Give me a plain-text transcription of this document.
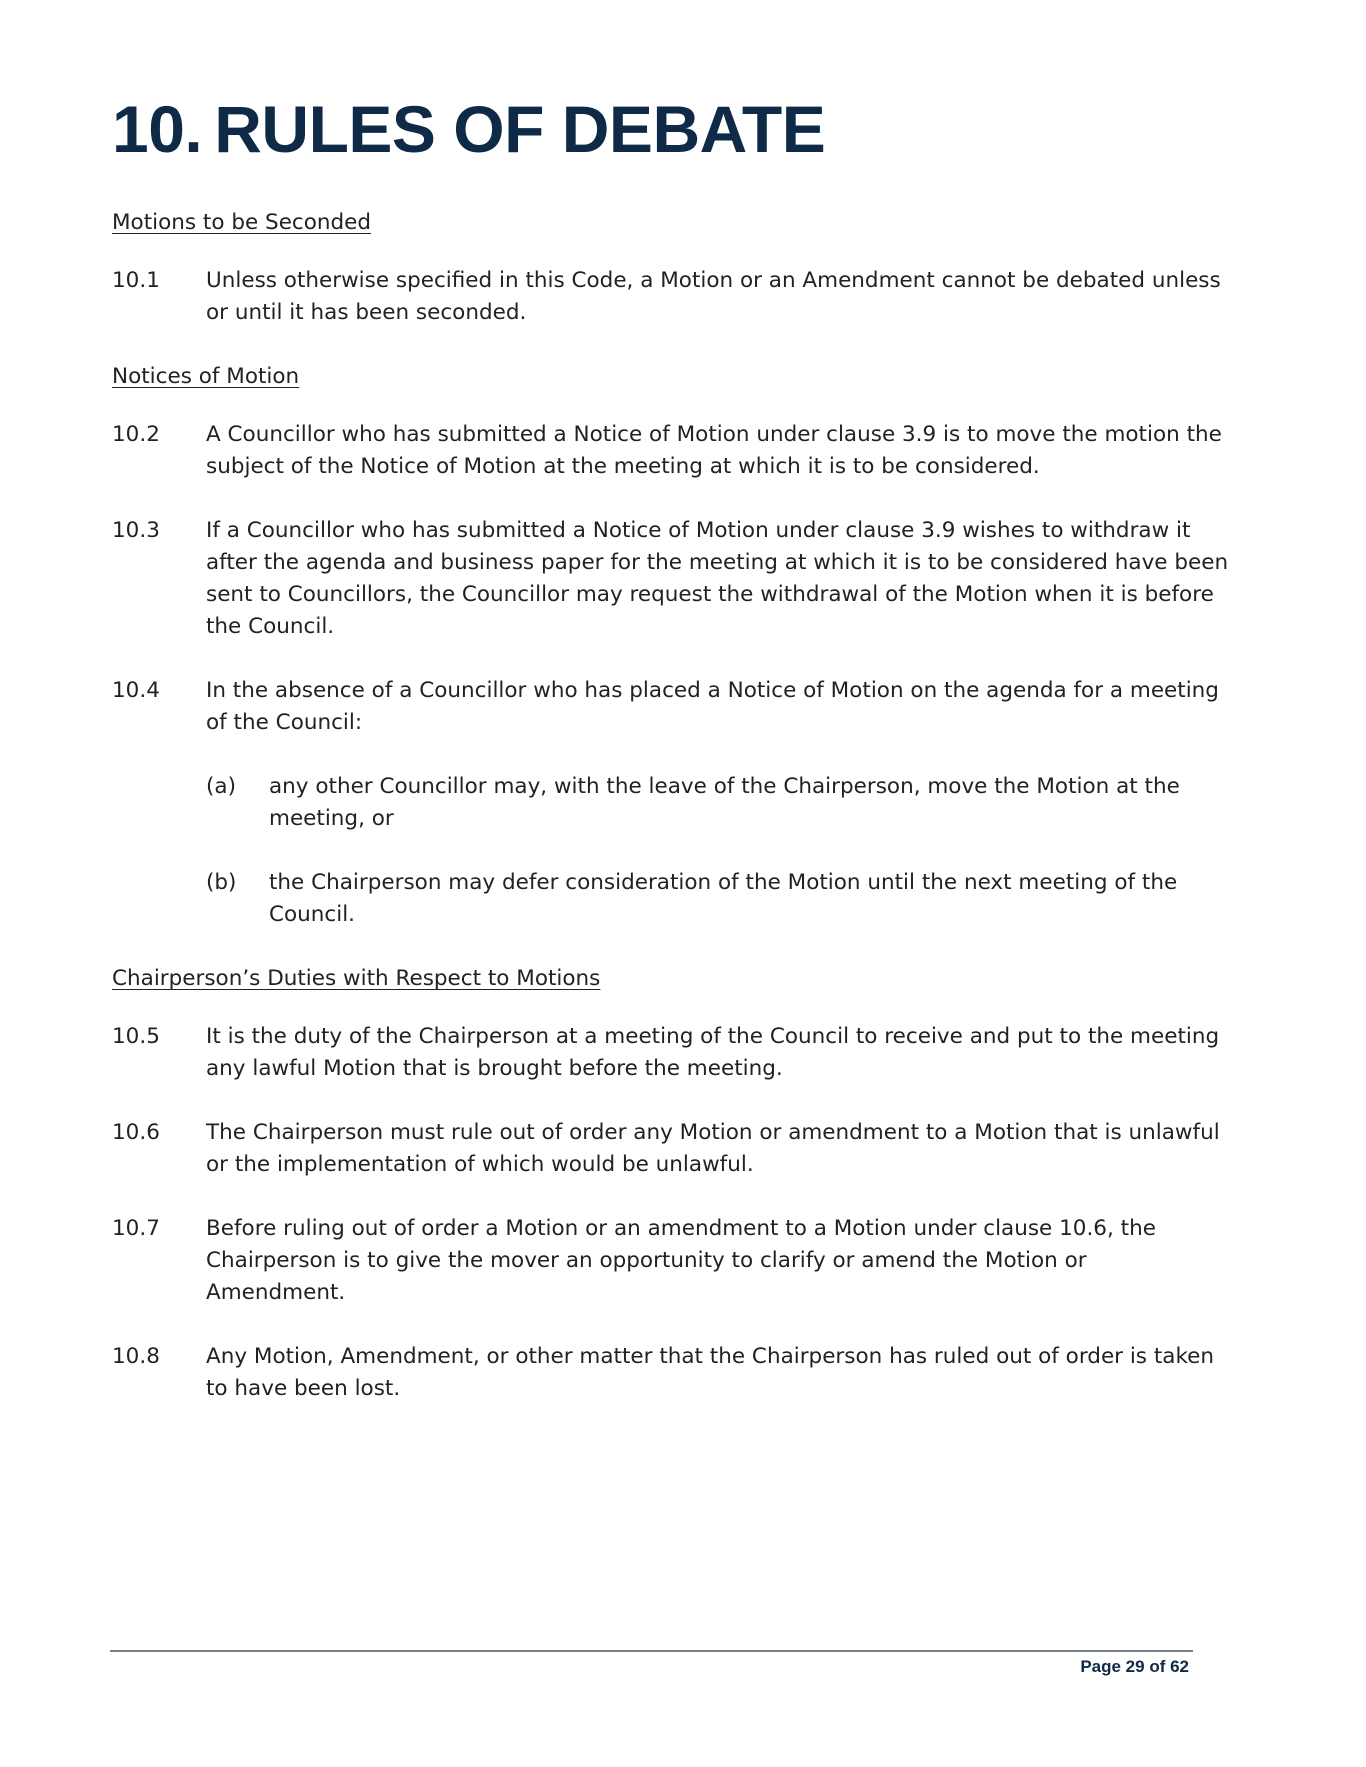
10. RULES OF DEBATE
Motions to be Seconded
10.1	Unless otherwise specified in this Code, a Motion or an Amendment cannot be debated unless or until it has been seconded.
Notices of Motion
10.2	A Councillor who has submitted a Notice of Motion under clause 3.9 is to move the motion the subject of the Notice of Motion at the meeting at which it is to be considered.
10.3	If a Councillor who has submitted a Notice of Motion under clause 3.9 wishes to withdraw it after the agenda and business paper for the meeting at which it is to be considered have been sent to Councillors, the Councillor may request the withdrawal of the Motion when it is before the Council.
10.4	In the absence of a Councillor who has placed a Notice of Motion on the agenda for a meeting of the Council:
(a)	any other Councillor may, with the leave of the Chairperson, move the Motion at the meeting, or
(b)	the Chairperson may defer consideration of the Motion until the next meeting of the Council.
Chairperson’s Duties with Respect to Motions
10.5	It is the duty of the Chairperson at a meeting of the Council to receive and put to the meeting any lawful Motion that is brought before the meeting.
10.6	The Chairperson must rule out of order any Motion or amendment to a Motion that is unlawful or the implementation of which would be unlawful.
10.7	Before ruling out of order a Motion or an amendment to a Motion under clause 10.6, the Chairperson is to give the mover an opportunity to clarify or amend the Motion or Amendment.
10.8	Any Motion, Amendment, or other matter that the Chairperson has ruled out of order is taken to have been lost.
Page 29 of 62
